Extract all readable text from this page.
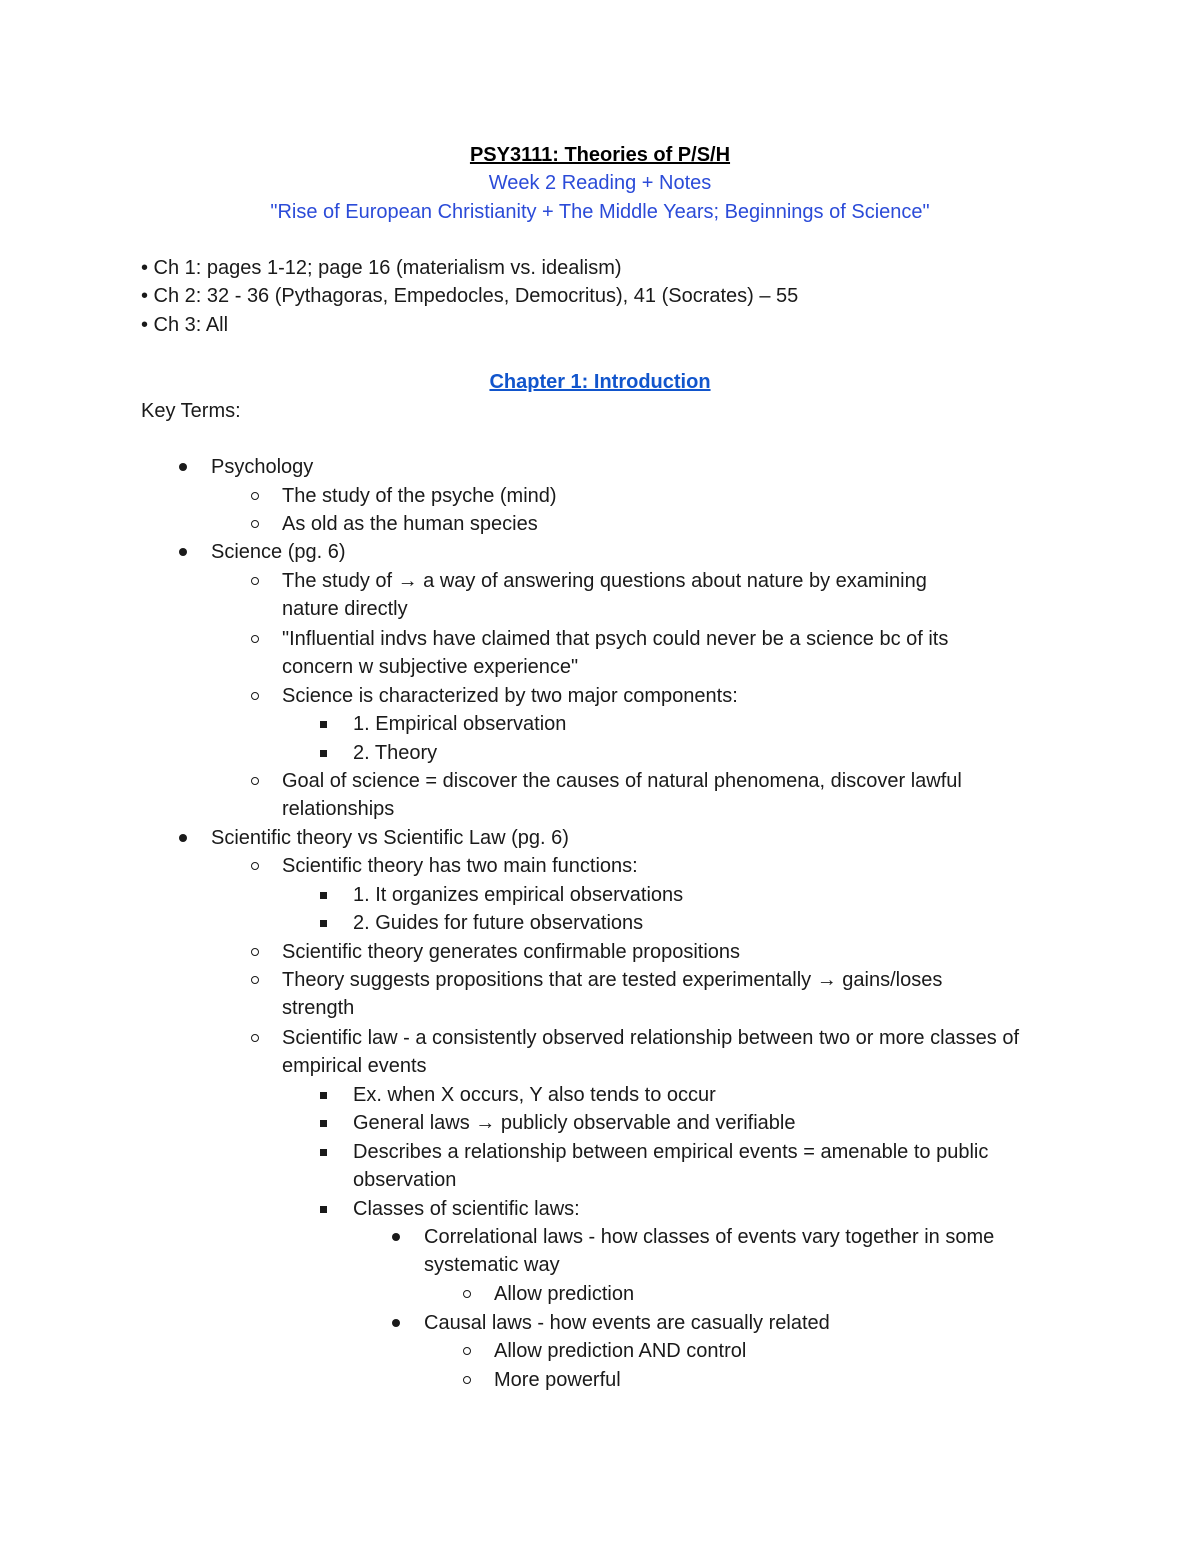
PSY3111: Theories of P/S/H
Week 2 Reading + Notes
"Rise of European Christianity + The Middle Years; Beginnings of Science"
• Ch 1: pages 1-12; page 16 (materialism vs. idealism)
• Ch 2: 32 - 36 (Pythagoras, Empedocles, Democritus), 41 (Socrates) – 55
• Ch 3: All
Chapter 1: Introduction
Key Terms:
Psychology
The study of the psyche (mind)
As old as the human species
Science (pg. 6)
The study of → a way of answering questions about nature by examining nature directly
"Influential indvs have claimed that psych could never be a science bc of its concern w subjective experience"
Science is characterized by two major components:
1. Empirical observation
2. Theory
Goal of science = discover the causes of natural phenomena, discover lawful relationships
Scientific theory vs Scientific Law (pg. 6)
Scientific theory has two main functions:
1. It organizes empirical observations
2. Guides for future observations
Scientific theory generates confirmable propositions
Theory suggests propositions that are tested experimentally → gains/loses strength
Scientific law - a consistently observed relationship between two or more classes of empirical events
Ex. when X occurs, Y also tends to occur
General laws → publicly observable and verifiable
Describes a relationship between empirical events = amenable to public observation
Classes of scientific laws:
Correlational laws - how classes of events vary together in some systematic way
Allow prediction
Causal laws - how events are casually related
Allow prediction AND control
More powerful
